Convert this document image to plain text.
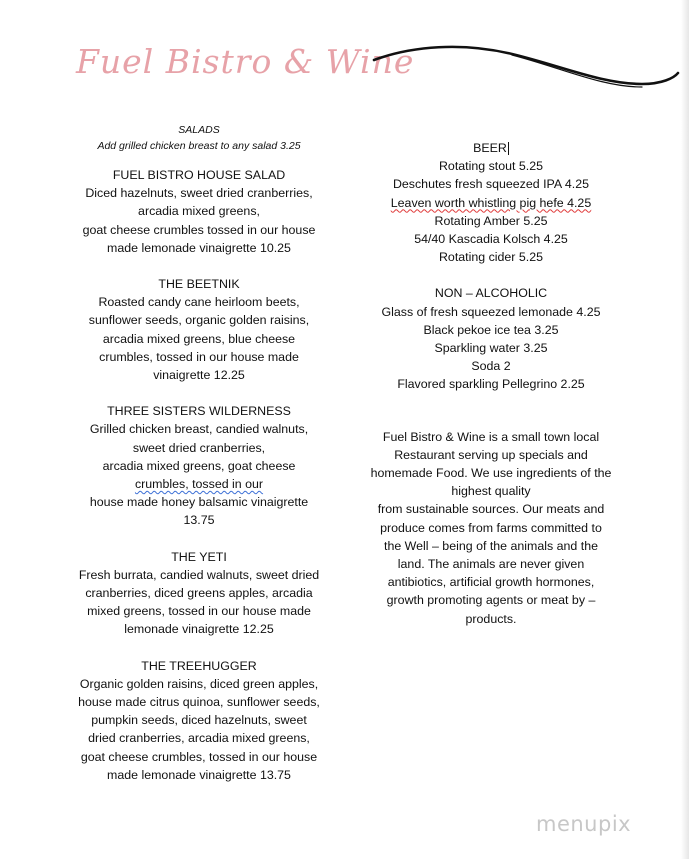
Fuel Bistro & Wine
SALADS
Add grilled chicken breast to any salad 3.25
FUEL BISTRO HOUSE SALAD
Diced hazelnuts, sweet dried cranberries,
arcadia mixed greens,
goat cheese crumbles tossed in our house
made lemonade vinaigrette 10.25
THE BEETNIK
Roasted candy cane heirloom beets,
sunflower seeds, organic golden raisins,
arcadia mixed greens, blue cheese
crumbles, tossed in our house made
vinaigrette 12.25
THREE SISTERS WILDERNESS
Grilled chicken breast, candied walnuts,
sweet dried cranberries,
arcadia mixed greens, goat cheese
crumbles, tossed in our
house made honey balsamic vinaigrette
13.75
THE YETI
Fresh burrata, candied walnuts, sweet dried
cranberries, diced greens apples, arcadia
mixed greens, tossed in our house made
lemonade vinaigrette 12.25
THE TREEHUGGER
Organic golden raisins, diced green apples,
house made citrus quinoa, sunflower seeds,
pumpkin seeds, diced hazelnuts, sweet
dried cranberries, arcadia mixed greens,
goat cheese crumbles, tossed in our house
made lemonade vinaigrette 13.75
BEER
Rotating stout 5.25
Deschutes fresh squeezed IPA 4.25
Leaven worth whistling pig hefe 4.25
Rotating Amber 5.25
54/40 Kascadia Kolsch 4.25
Rotating cider 5.25
NON – ALCOHOLIC
Glass of fresh squeezed lemonade 4.25
Black pekoe ice tea 3.25
Sparkling water 3.25
Soda 2
Flavored sparkling Pellegrino 2.25
Fuel Bistro & Wine is a small town local
Restaurant serving up specials and
homemade Food. We use ingredients of the
highest quality
from sustainable sources. Our meats and
produce comes from farms committed to
the Well – being of the animals and the
land. The animals are never given
antibiotics, artificial growth hormones,
growth promoting agents or meat by –
products.
menupix
